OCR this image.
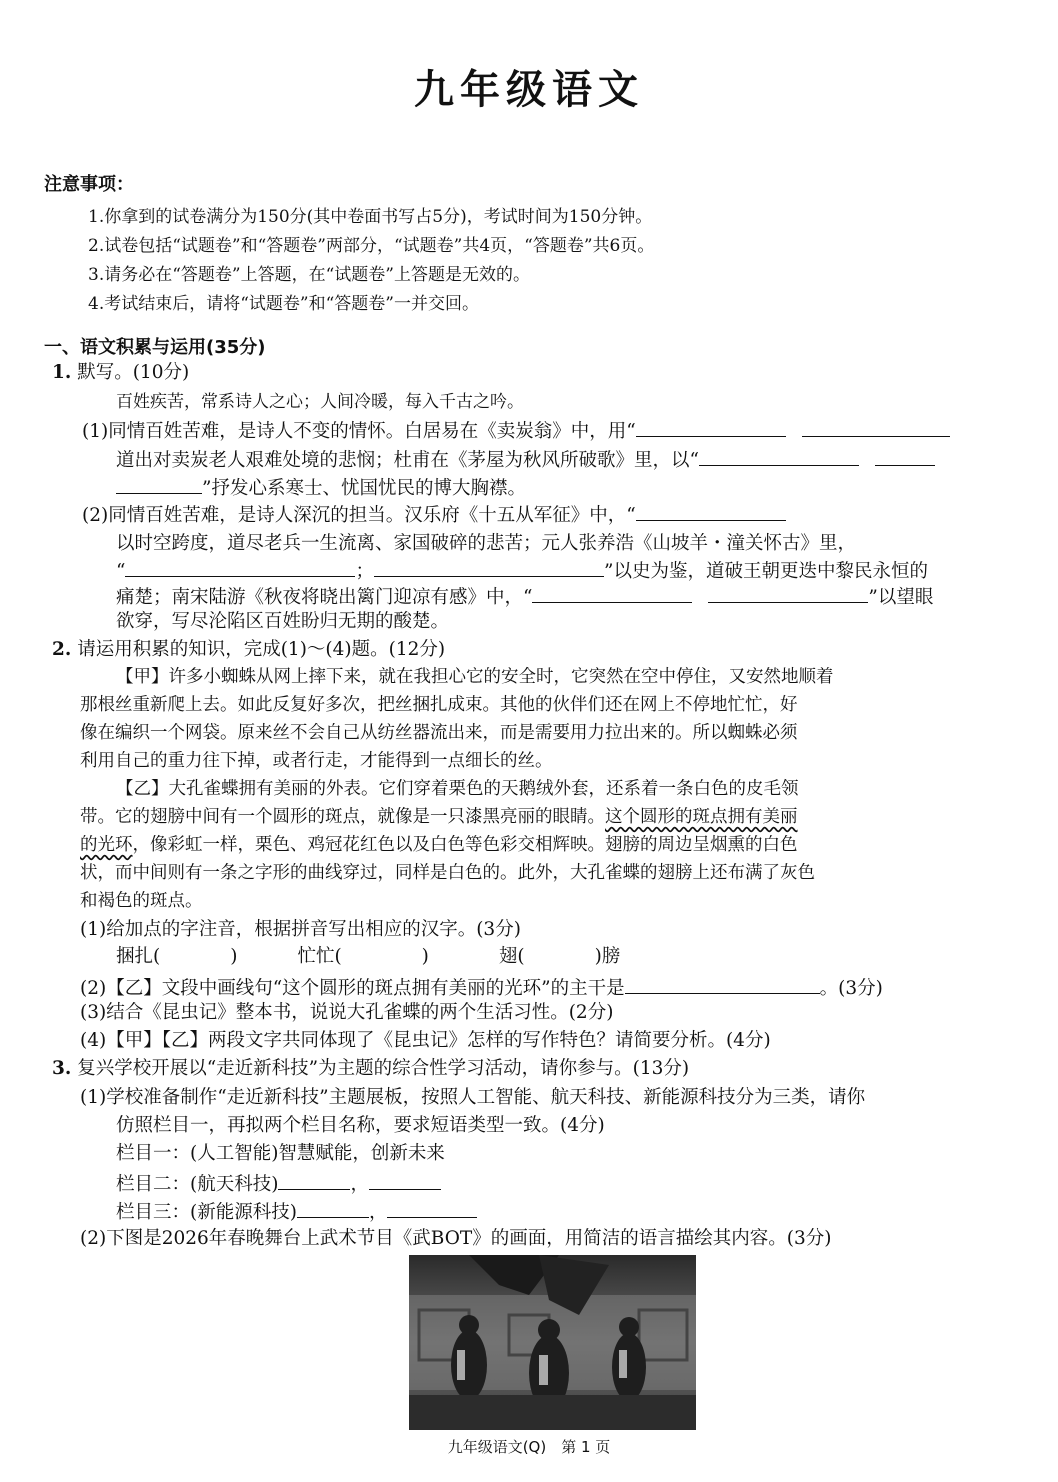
九年级语文
注意事项：
1.你拿到的试卷满分为150分(其中卷面书写占5分)，考试时间为150分钟。
2.试卷包括“试题卷”和“答题卷”两部分，“试题卷”共4页，“答题卷”共6页。
3.请务必在“答题卷”上答题，在“试题卷”上答题是无效的。
4.考试结束后，请将“试题卷”和“答题卷”一并交回。
一、语文积累与运用(35分)
1. 默写。(10分)
百姓疾苦，常系诗人之心；人间冷暖，每入千古之吟。
(1)同情百姓苦难，是诗人不变的情怀。白居易在《卖炭翁》中，用“
道出对卖炭老人艰难处境的悲悯；杜甫在《茅屋为秋风所破歌》里，以“
”抒发心系寒士、忧国忧民的博大胸襟。
(2)同情百姓苦难，是诗人深沉的担当。汉乐府《十五从军征》中，“
以时空跨度，道尽老兵一生流离、家国破碎的悲苦；元人张养浩《山坡羊・潼关怀古》里，
“	；	”以史为鉴，道破王朝更迭中黎民永恒的
痛楚；南宋陆游《秋夜将晓出篱门迎凉有感》中，“	”以望眼
欲穿，写尽沦陷区百姓盼归无期的酸楚。
2. 请运用积累的知识，完成(1)～(4)题。(12分)
【甲】许多小蜘蛛从网上摔下来，就在我担心它的安全时，它突然在空中停住，又安然地顺着
那根丝重新爬上去。如此反复好多次，把丝捆扎成束。其他的伙伴们还在网上不停地忙忙，好
像在编织一个网袋。原来丝不会自己从纺丝器流出来，而是需要用力拉出来的。所以蜘蛛必须
利用自己的重力往下掉，或者行走，才能得到一点细长的丝。
【乙】大孔雀蝶拥有美丽的外表。它们穿着栗色的天鹅绒外套，还系着一条白色的皮毛领
带。它的翅膀中间有一个圆形的斑点，就像是一只漆黑亮丽的眼睛。这个圆形的斑点拥有美丽
的光环，像彩虹一样，栗色、鸡冠花红色以及白色等色彩交相辉映。翅膀的周边呈烟熏的白色
状，而中间则有一条之字形的曲线穿过，同样是白色的。此外，大孔雀蝶的翅膀上还布满了灰色
和褐色的斑点。
(1)给加点的字注音，根据拼音写出相应的汉字。(3分)
捆扎(	)	忙忙(	)	翅(	)膀
(2)【乙】文段中画线句“这个圆形的斑点拥有美丽的光环”的主干是	。(3分)
(3)结合《昆虫记》整本书，说说大孔雀蝶的两个生活习性。(2分)
(4)【甲】【乙】两段文字共同体现了《昆虫记》怎样的写作特色？请简要分析。(4分)
3. 复兴学校开展以“走近新科技”为主题的综合性学习活动，请你参与。(13分)
(1)学校准备制作“走近新科技”主题展板，按照人工智能、航天科技、新能源科技分为三类，请你
仿照栏目一，再拟两个栏目名称，要求短语类型一致。(4分)
栏目一：(人工智能)智慧赋能，创新未来
栏目二：(航天科技)	，
栏目三：(新能源科技)	，
(2)下图是2026年春晚舞台上武术节目《武BOT》的画面，用简洁的语言描绘其内容。(3分)
九年级语文(Q)　第 1 页
